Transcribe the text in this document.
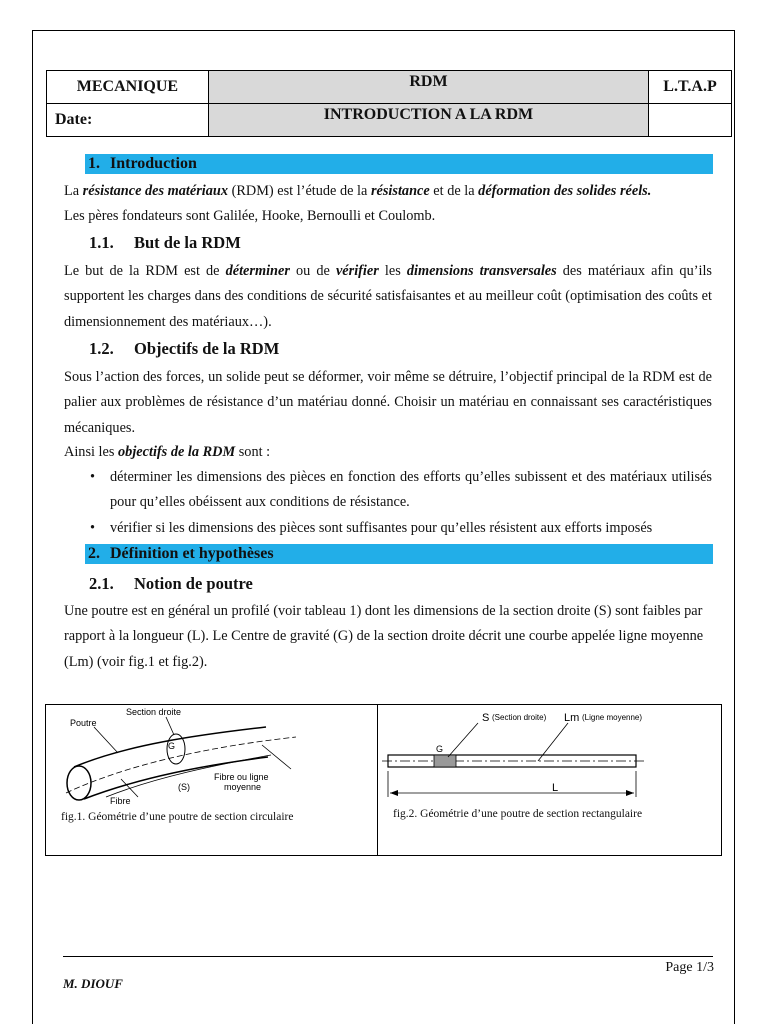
MECANIQUE	RDM	L.T.A.P
Date:	INTRODUCTION A LA RDM	
1. Introduction
La résistance des matériaux (RDM) est l’étude de la résistance et de la déformation des solides réels.
Les pères fondateurs sont Galilée, Hooke, Bernoulli et Coulomb.
1.1. But de la RDM
Le but de la RDM est de déterminer ou de vérifier les dimensions transversales des matériaux afin qu’ils supportent les charges dans des conditions de sécurité satisfaisantes et au meilleur coût (optimisation des coûts et dimensionnement des matériaux…).
1.2. Objectifs de la RDM
Sous l’action des forces, un solide peut se déformer, voir même se détruire, l’objectif principal de la RDM est de palier aux problèmes de résistance d’un matériau donné. Choisir un matériau en connaissant ses caractéristiques mécaniques.
Ainsi les objectifs de la RDM sont :
• déterminer les dimensions des pièces en fonction des efforts qu’elles subissent et des matériaux utilisés pour qu’elles obéissent aux conditions de résistance.
• vérifier si les dimensions des pièces sont suffisantes pour qu’elles résistent aux efforts imposés
2. Définition et hypothèses
2.1. Notion de poutre
Une poutre est en général un profilé (voir tableau 1) dont les dimensions de la section droite (S) sont faibles par rapport à la longueur (L). Le Centre de gravité (G) de la section droite décrit une courbe appelée ligne moyenne (Lm) (voir fig.1 et fig.2).
Poutre
Section droite
G
(S)
Fibre ou ligne
moyenne
Fibre
fig.1. Géométrie d’une poutre de section circulaire
S (Section droite) Lm (Ligne moyenne)
G
L
fig.2. Géométrie d’une poutre de section rectangulaire
Page 1/3
M. DIOUF
